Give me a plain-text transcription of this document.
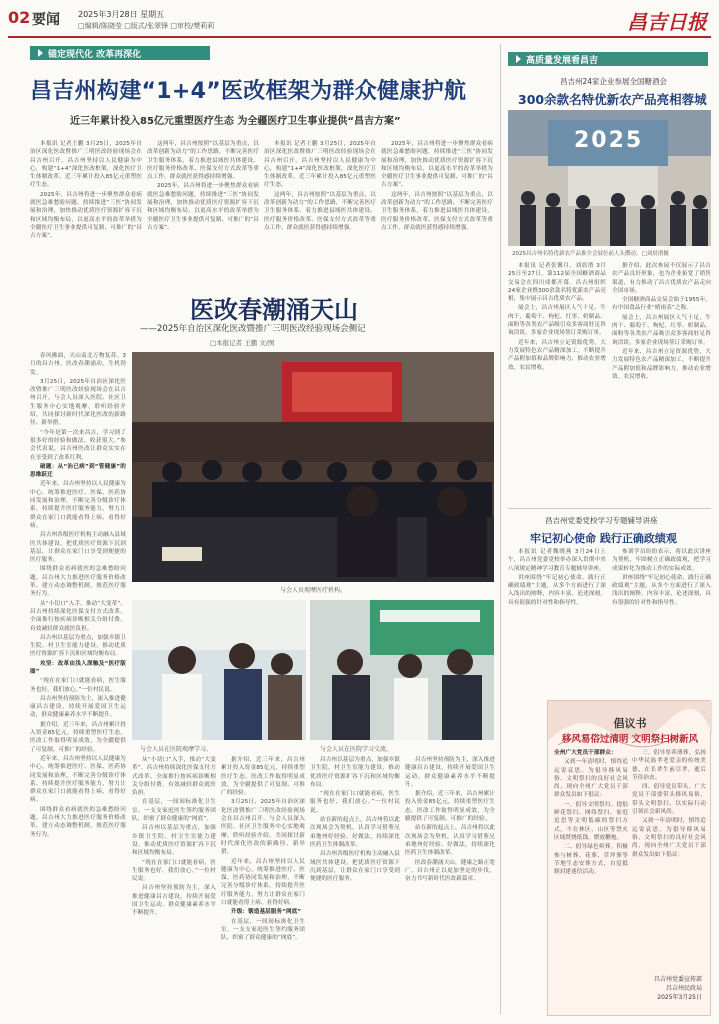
02 要闻 2025年3月28日 星期五
□编辑/陈晓莹 □版式/张翠锋 □审校/樊莉莉	昌吉日报
锚定现代化 改革再深化
昌吉州构建“1+4”医改框架为群众健康护航
近三年累计投入85亿元重塑医疗生态 为全疆医疗卫生事业提供“昌吉方案”

本报讯 记者王鹏 3月25日，2025年自治区深化医改暨推广三明医改经验现场会在昌吉州召开。昌吉州坚持以人民健康为中心，构建“1+4”深化医改框架，深化医疗卫生体制改革，近三年累计投入85亿元重塑医疗生态。

2025年，昌吉州将进一步聚焦群众看病就医急难愁盼问题，持续推进“三医”协同发展和治理，加快推动优质医疗资源扩容下沉和区域均衡布局，以更高水平的改革举措为全疆医疗卫生事业提供可复制、可推广的“昌吉方案”。

这两年，昌吉州按照“以基层为重点，以改革创新为动力”的工作思路，不断完善医疗卫生服务体系，着力推进县域医共体建设、医疗服务价格改革、医保支付方式改革等重点工作，群众就医获得感持续增强。

2025年，昌吉州将进一步聚焦群众看病就医急难愁盼问题，持续推进“三医”协同发展和治理，加快推动优质医疗资源扩容下沉和区域均衡布局，以更高水平的改革举措为全疆医疗卫生事业提供可复制、可推广的“昌吉方案”。

本报讯 记者王鹏 3月25日，2025年自治区深化医改暨推广三明医改经验现场会在昌吉州召开。昌吉州坚持以人民健康为中心，构建“1+4”深化医改框架，深化医疗卫生体制改革，近三年累计投入85亿元重塑医疗生态。

这两年，昌吉州按照“以基层为重点，以改革创新为动力”的工作思路，不断完善医疗卫生服务体系，着力推进县域医共体建设、医疗服务价格改革、医保支付方式改革等重点工作，群众就医获得感持续增强。

2025年，昌吉州将进一步聚焦群众看病就医急难愁盼问题，持续推进“三医”协同发展和治理，加快推动优质医疗资源扩容下沉和区域均衡布局，以更高水平的改革举措为全疆医疗卫生事业提供可复制、可推广的“昌吉方案”。

这两年，昌吉州按照“以基层为重点，以改革创新为动力”的工作思路，不断完善医疗卫生服务体系，着力推进县域医共体建设、医疗服务价格改革、医保支付方式改革等重点工作，群众就医获得感持续增强。

医改春潮涌天山
——2025年自治区深化医改暨推广三明医改经验现场会侧记
□本报记者 王鹏 文/图

春风拂面，天山南北万物复苏。3月的昌吉州，医改春潮涌动，生机勃发。

3月25日，2025年自治区深化医改暨推广三明医改经验现场会在昌吉州召开。与会人员深入医院、社区卫生服务中心实地观摩，聆听经验介绍，共同探讨新时代深化医改的新路径、新举措。

“今年是第一次来昌吉，学习到了很多好的经验和做法，收获很大。”参会代表说，昌吉州医改让群众实实在在享受到了改革红利。

破题：从“治已病”到“管健康”的思维跃迁

近年来，昌吉州坚持以人民健康为中心，统筹推进医疗、医保、医药协同发展和治理，不断完善分级诊疗体系，持续提升医疗服务能力，努力让群众在家门口就能看得上病、看得好病。

昌吉州各级医疗机构主动融入县域医共体建设，把优质医疗资源下沉到基层，让群众在家门口享受到便捷的医疗服务。

围绕群众看病就医的急难愁盼问题，昌吉州大力推进医疗服务价格改革，建立动态调整机制，规范医疗服务行为。

从“小切口”入手，推动“大变革”。昌吉州持续深化医保支付方式改革，全面推行按疾病诊断相关分组付费，有效减轻群众就医负担。

昌吉州以基层为重点，加强乡镇卫生院、村卫生室能力建设，推动优质医疗资源扩容下沉和区域均衡布局。

攻坚：改革由浅入深触及“医疗版图”

“现在在家门口就能看病，医生服务也好，我们放心。”一位村民说。

昌吉州坚持预防为主，深入推进健康昌吉建设，持续开展爱国卫生运动，群众健康素养水平不断提升。

据介绍，近三年来，昌吉州累计投入资金85亿元，持续重塑医疗生态，医改工作取得明显成效，为全疆提供了可复制、可推广的经验。

近年来，昌吉州坚持以人民健康为中心，统筹推进医疗、医保、医药协同发展和治理，不断完善分级诊疗体系，持续提升医疗服务能力，努力让群众在家门口就能看得上病、看得好病。

围绕群众看病就医的急难愁盼问题，昌吉州大力推进医疗服务价格改革，建立动态调整机制，规范医疗服务行为。

与会人员观摩医疗机构。
与会人员在医院观摩学习。	与会人员在医院学习交流。

从“小切口”入手，推动“大变革”。昌吉州持续深化医保支付方式改革，全面推行按疾病诊断相关分组付费，有效减轻群众就医负担。

在基层，一间间标准化卫生室、一支支家庭医生签约服务团队，织密了群众健康的“网底”。

昌吉州以基层为重点，加强乡镇卫生院、村卫生室能力建设，推动优质医疗资源扩容下沉和区域均衡布局。

“现在在家门口就能看病，医生服务也好，我们放心。”一位村民说。

昌吉州坚持预防为主，深入推进健康昌吉建设，持续开展爱国卫生运动，群众健康素养水平不断提升。

据介绍，近三年来，昌吉州累计投入资金85亿元，持续重塑医疗生态，医改工作取得明显成效，为全疆提供了可复制、可推广的经验。

3月25日，2025年自治区深化医改暨推广三明医改经验现场会在昌吉州召开。与会人员深入医院、社区卫生服务中心实地观摩，聆听经验介绍，共同探讨新时代深化医改的新路径、新举措。

近年来，昌吉州坚持以人民健康为中心，统筹推进医疗、医保、医药协同发展和治理，不断完善分级诊疗体系，持续提升医疗服务能力，努力让群众在家门口就能看得上病、看得好病。

升级：锻造基层服务“网底”

在基层，一间间标准化卫生室、一支支家庭医生签约服务团队，织密了群众健康的“网底”。

昌吉州以基层为重点，加强乡镇卫生院、村卫生室能力建设，推动优质医疗资源扩容下沉和区域均衡布局。

“现在在家门口就能看病，医生服务也好，我们放心。”一位村民说。

站在新的起点上，昌吉州将以此次现场会为契机，认真学习借鉴兄弟地州好经验、好做法，持续深化医药卫生体制改革。

昌吉州各级医疗机构主动融入县域医共体建设，把优质医疗资源下沉到基层，让群众在家门口享受到便捷的医疗服务。

昌吉州坚持预防为主，深入推进健康昌吉建设，持续开展爱国卫生运动，群众健康素养水平不断提升。

据介绍，近三年来，昌吉州累计投入资金85亿元，持续重塑医疗生态，医改工作取得明显成效，为全疆提供了可复制、可推广的经验。

站在新的起点上，昌吉州将以此次现场会为契机，认真学习借鉴兄弟地州好经验、好做法，持续深化医药卫生体制改革。

医改春潮涌天山，健康之路正宽广。昌吉州正以更加坚定的步伐，奋力书写新时代医改新篇章。

高质量发展看昌吉
昌吉州24家企业参展全国糖酒会
300余款名特优新农产品亮相蓉城
2025
2025昌吉州名特优新农产品推介会展位前人头攒动。□刘晨淯摄

本报讯 记者张馨月、刘晨淯 3月25日至27日，第112届全国糖酒商品交易会在四川成都开幕。昌吉州组织24家企业携300余款名特优新农产品亮相，集中展示昌吉优质农产品。

展会上，昌吉州展区人气十足，牛肉干、葡萄干、枸杞、红枣、奶制品、面粉等各类农产品吸引众多客商驻足咨询洽谈，多家企业现场签订采购订单。

近年来，昌吉州立足资源优势，大力发展特色农产品精深加工，不断提升产品附加值和品牌影响力，推动农业增效、农民增收。

据介绍，此次参展不仅展示了昌吉农产品良好形象，也为企业拓宽了销售渠道，有力推动了昌吉优质农产品走向全国市场。

全国糖酒商品交易会始于1955年，有中国食品行业“晴雨表”之称。

展会上，昌吉州展区人气十足，牛肉干、葡萄干、枸杞、红枣、奶制品、面粉等各类农产品吸引众多客商驻足咨询洽谈，多家企业现场签订采购订单。

近年来，昌吉州立足资源优势，大力发展特色农产品精深加工，不断提升产品附加值和品牌影响力，推动农业增效、农民增收。

昌吉州党委党校学习专题辅导讲座
牢记初心使命 践行正确政绩观

本报讯 记者魏晓燕 3月24日上午，昌吉州党委党校举办深入贯彻中央八项规定精神学习教育专题辅导讲座。

讲座围绕“牢记初心使命，践行正确政绩观”主题，从多个方面进行了深入浅出的阐释，内容丰富、论述深刻，具有很强的针对性和指导性。

参训学员纷纷表示，将以此次讲座为契机，牢固树立正确政绩观，把学习成果转化为推动工作的实际成效。

讲座围绕“牢记初心使命，践行正确政绩观”主题，从多个方面进行了深入浅出的阐释，内容丰富、论述深刻，具有很强的针对性和指导性。

倡议书
移风易俗过清明 文明祭扫树新风

全州广大党员干部群众：

又到一年清明时，慎终追远寄哀思。为倡导移风易俗、文明祭扫的良好社会风尚，现向全州广大党员干部群众发出如下倡议：

一、倡导文明祭扫。提倡鲜花祭扫、网络祭扫、家庭追思等文明低碳的祭扫方式，不在林区、山区等禁火区域焚烧纸钱、燃放鞭炮。

二、倡导绿色殡葬。积极参与树葬、花葬、草坪葬等节地生态安葬方式，自觉抵制封建迷信活动。

三、倡导厚养薄葬。弘扬中华民族孝老爱亲的传统美德，在长辈生前尽孝，逝后节俭治丧。

四、倡导党员带头。广大党员干部要带头移风易俗，带头文明祭扫，以实际行动引领社会新风尚。

又到一年清明时，慎终追远寄哀思。为倡导移风易俗、文明祭扫的良好社会风尚，现向全州广大党员干部群众发出如下倡议：

昌吉州党委宣传部
昌吉州民政局
2025年3月25日
